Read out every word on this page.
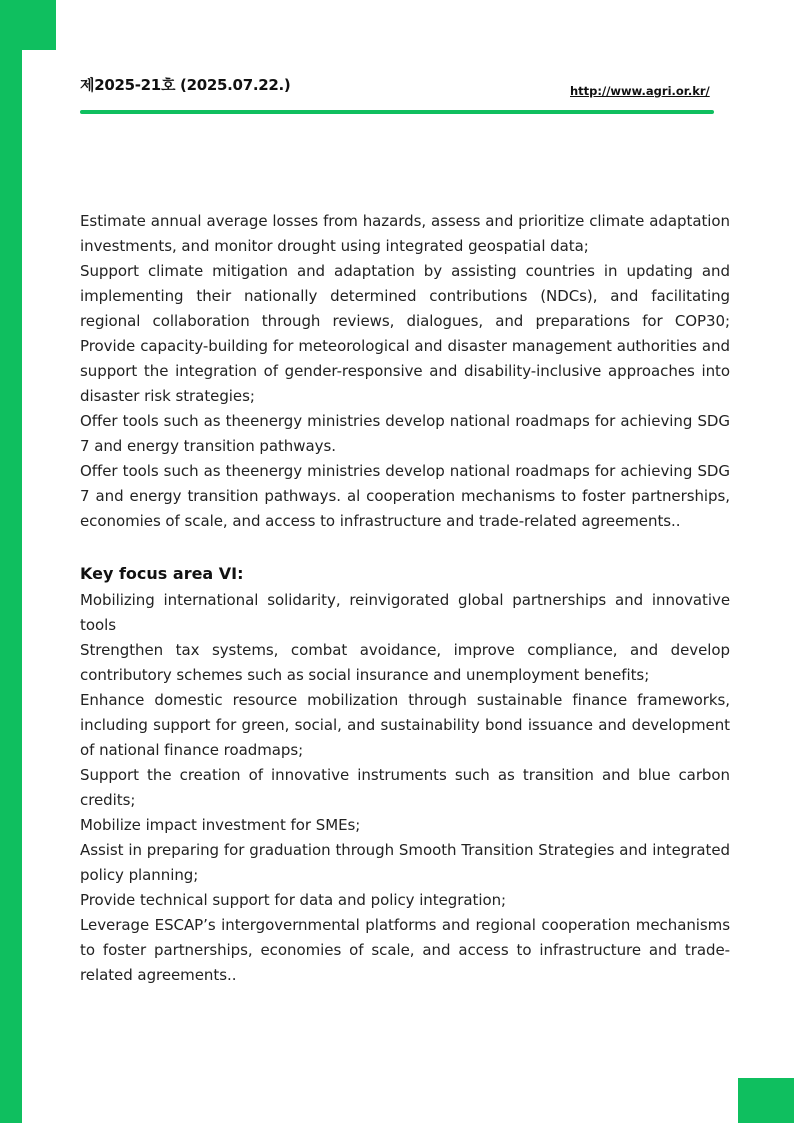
제2025-21호 (2025.07.22.)	http://www.agri.or.kr/

Estimate annual average losses from hazards, assess and prioritize climate adaptation investments, and monitor drought using integrated geospatial data;

Support climate mitigation and adaptation by assisting countries in updating and implementing their nationally determined contributions (NDCs), and facilitating regional collaboration through reviews, dialogues, and preparations for COP30; Provide capacity-building for meteorological and disaster management authorities and support the integration of gender-responsive and disability-inclusive approaches into disaster risk strategies;

Offer tools such as theenergy ministries develop national roadmaps for achieving SDG 7 and energy transition pathways.

Offer tools such as theenergy ministries develop national roadmaps for achieving SDG 7 and energy transition pathways. al cooperation mechanisms to foster partnerships, economies of scale, and access to infrastructure and trade-related agreements..

Key focus area VI:

Mobilizing international solidarity, reinvigorated global partnerships and innovative tools

Strengthen tax systems, combat avoidance, improve compliance, and develop contributory schemes such as social insurance and unemployment benefits;

Enhance domestic resource mobilization through sustainable finance frameworks, including support for green, social, and sustainability bond issuance and development of national finance roadmaps;

Support the creation of innovative instruments such as transition and blue carbon credits;

Mobilize impact investment for SMEs;

Assist in preparing for graduation through Smooth Transition Strategies and integrated policy planning;

Provide technical support for data and policy integration;

Leverage ESCAP’s intergovernmental platforms and regional cooperation mechanisms to foster partnerships, economies of scale, and access to infrastructure and trade-related agreements..
